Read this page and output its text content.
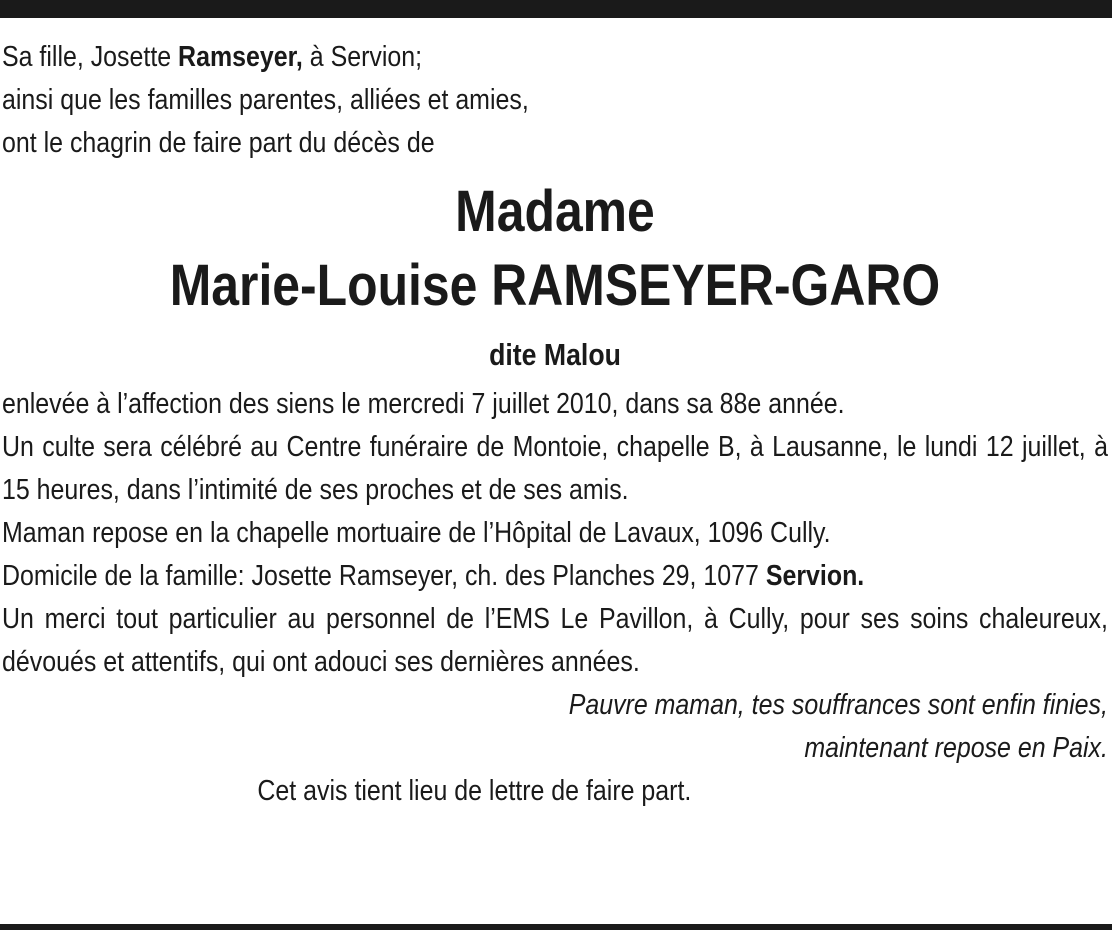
Sa fille, Josette Ramseyer, à Servion;

ainsi que les familles parentes, alliées et amies,

ont le chagrin de faire part du décès de

Madame
Marie-Louise RAMSEYER-GARO
dite Malou

enlevée à l’affection des siens le mercredi 7 juillet 2010, dans sa 88e année.

Un culte sera célébré au Centre funéraire de Montoie, chapelle B, à Lausanne, le lundi 12 juillet, à 15 heures, dans l’intimité de ses proches et de ses amis.

Maman repose en la chapelle mortuaire de l’Hôpital de Lavaux, 1096 Cully.

Domicile de la famille: Josette Ramseyer, ch. des Planches 29, 1077 Servion.

Un merci tout particulier au personnel de l’EMS Le Pavillon, à Cully, pour ses soins chaleureux, dévoués et attentifs, qui ont adouci ses dernières années.

Pauvre maman, tes souffrances sont enfin finies,

maintenant repose en Paix.

Cet avis tient lieu de lettre de faire part.
